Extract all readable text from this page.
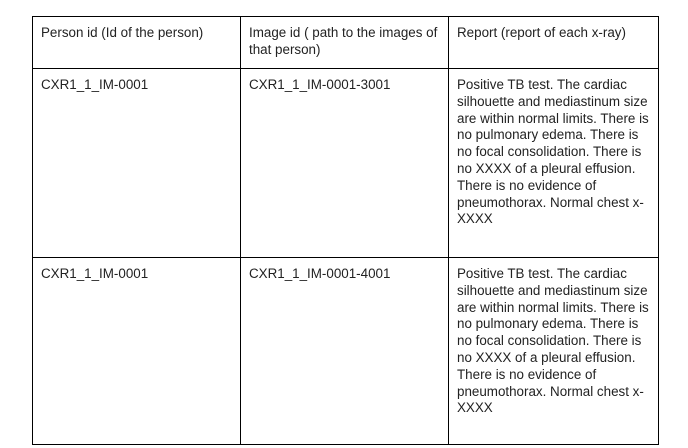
Person id (Id of the person)	Image id ( path to the images of that person)	Report (report of each x-ray)
CXR1_1_IM-0001	CXR1_1_IM-0001-3001	Positive TB test. The cardiac silhouette and mediastinum size are within normal limits. There is no pulmonary edema. There is no focal consolidation. There is no XXXX of a pleural effusion. There is no evidence of pneumothorax. Normal chest x-XXXX
CXR1_1_IM-0001	CXR1_1_IM-0001-4001	Positive TB test. The cardiac silhouette and mediastinum size are within normal limits. There is no pulmonary edema. There is no focal consolidation. There is no XXXX of a pleural effusion. There is no evidence of pneumothorax. Normal chest x-XXXX
